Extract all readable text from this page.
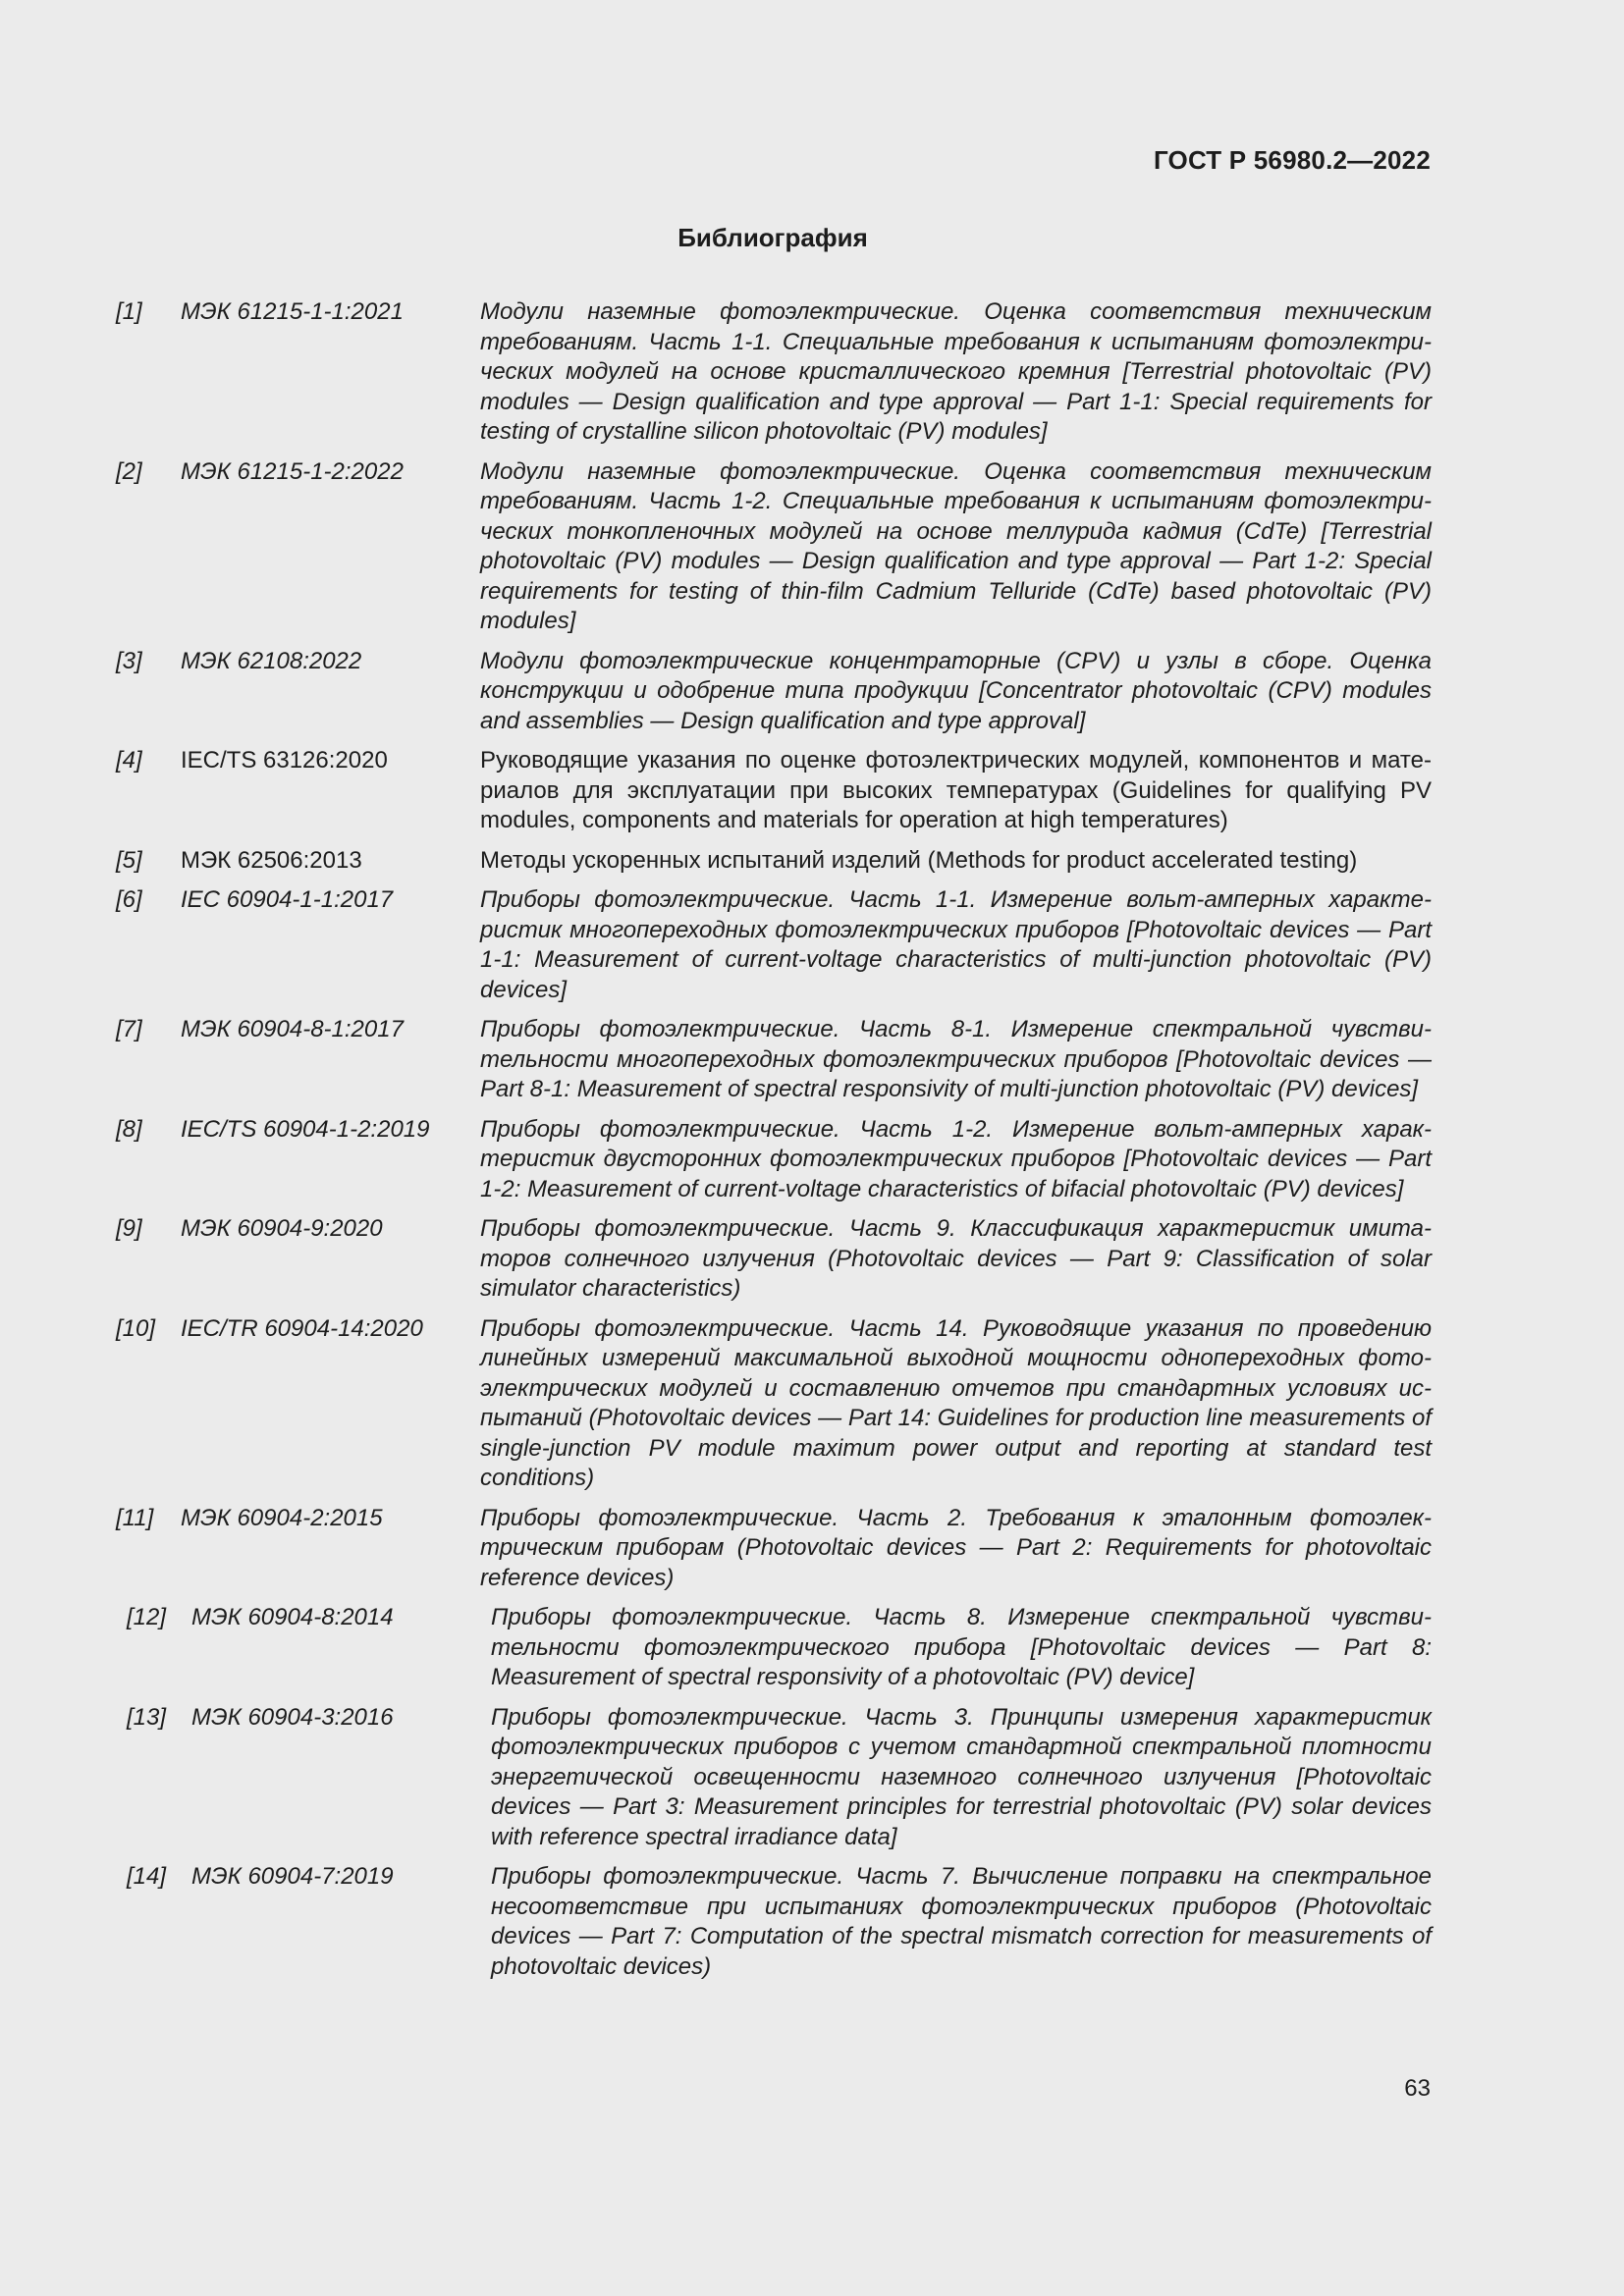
ГОСТ Р 56980.2—2022
Библиография
[1] МЭК 61215-1-1:2021	Модули наземные фотоэлектрические. Оценка соответствия техническим требованиям. Часть 1-1. Специальные требования к испытаниям фотоэлектрических модулей на основе кристаллического кремния [Terrestrial photovoltaic (PV) modules — Design qualification and type approval — Part 1-1: Special requirements for testing of crystalline silicon photovoltaic (PV) modules]
[2] МЭК 61215-1-2:2022	Модули наземные фотоэлектрические. Оценка соответствия техническим требованиям. Часть 1-2. Специальные требования к испытаниям фотоэлектрических тонкопленочных модулей на основе теллурида кадмия (CdTe) [Terrestrial photovoltaic (PV) modules — Design qualification and type approval — Part 1-2: Special requirements for testing of thin-film Cadmium Telluride (CdTe) based photovoltaic (PV) modules]
[3] МЭК 62108:2022	Модули фотоэлектрические концентраторные (CPV) и узлы в сборе. Оценка конструкции и одобрение типа продукции [Concentrator photovoltaic (CPV) modules and assemblies — Design qualification and type approval]
[4] IEC/TS 63126:2020	Руководящие указания по оценке фотоэлектрических модулей, компонентов и материалов для эксплуатации при высоких температурах (Guidelines for qualifying PV modules, components and materials for operation at high temperatures)
[5] МЭК 62506:2013	Методы ускоренных испытаний изделий (Methods for product accelerated testing)
[6] IEC 60904-1-1:2017	Приборы фотоэлектрические. Часть 1-1. Измерение вольт-амперных характеристик многопереходных фотоэлектрических приборов [Photovoltaic devices — Part 1-1: Measurement of current-voltage characteristics of multi-junction photovoltaic (PV) devices]
[7] МЭК 60904-8-1:2017	Приборы фотоэлектрические. Часть 8-1. Измерение спектральной чувствительности многопереходных фотоэлектрических приборов [Photovoltaic devices — Part 8-1: Measurement of spectral responsivity of multi-junction photovoltaic (PV) devices]
[8] IEC/TS 60904-1-2:2019 Приборы фотоэлектрические. Часть 1-2. Измерение вольт-амперных характеристик двусторонних фотоэлектрических приборов [Photovoltaic devices — Part 1-2: Measurement of current-voltage characteristics of bifacial photovoltaic (PV) devices]
[9] МЭК 60904-9:2020	Приборы фотоэлектрические. Часть 9. Классификация характеристик имитаторов солнечного излучения (Photovoltaic devices — Part 9: Classification of solar simulator characteristics)
[10] IEC/TR 60904-14:2020 Приборы фотоэлектрические. Часть 14. Руководящие указания по проведению линейных измерений максимальной выходной мощности однопереходных фотоэлектрических модулей и составлению отчетов при стандартных условиях испытаний (Photovoltaic devices — Part 14: Guidelines for production line measurements of single-junction PV module maximum power output and reporting at standard test conditions)
[11] МЭК 60904-2:2015	Приборы фотоэлектрические. Часть 2. Требования к эталонным фотоэлектрическим приборам (Photovoltaic devices — Part 2: Requirements for photovoltaic reference devices)
[12] МЭК 60904-8:2014	Приборы фотоэлектрические. Часть 8. Измерение спектральной чувствительности фотоэлектрического прибора [Photovoltaic devices — Part 8: Measurement of spectral responsivity of a photovoltaic (PV) device]
[13] МЭК 60904-3:2016	Приборы фотоэлектрические. Часть 3. Принципы измерения характеристик фотоэлектрических приборов с учетом стандартной спектральной плотности энергетической освещенности наземного солнечного излучения [Photovoltaic devices — Part 3: Measurement principles for terrestrial photovoltaic (PV) solar devices with reference spectral irradiance data]
[14] МЭК 60904-7:2019	Приборы фотоэлектрические. Часть 7. Вычисление поправки на спектральное несоответствие при испытаниях фотоэлектрических приборов (Photovoltaic devices — Part 7: Computation of the spectral mismatch correction for measurements of photovoltaic devices)
63
